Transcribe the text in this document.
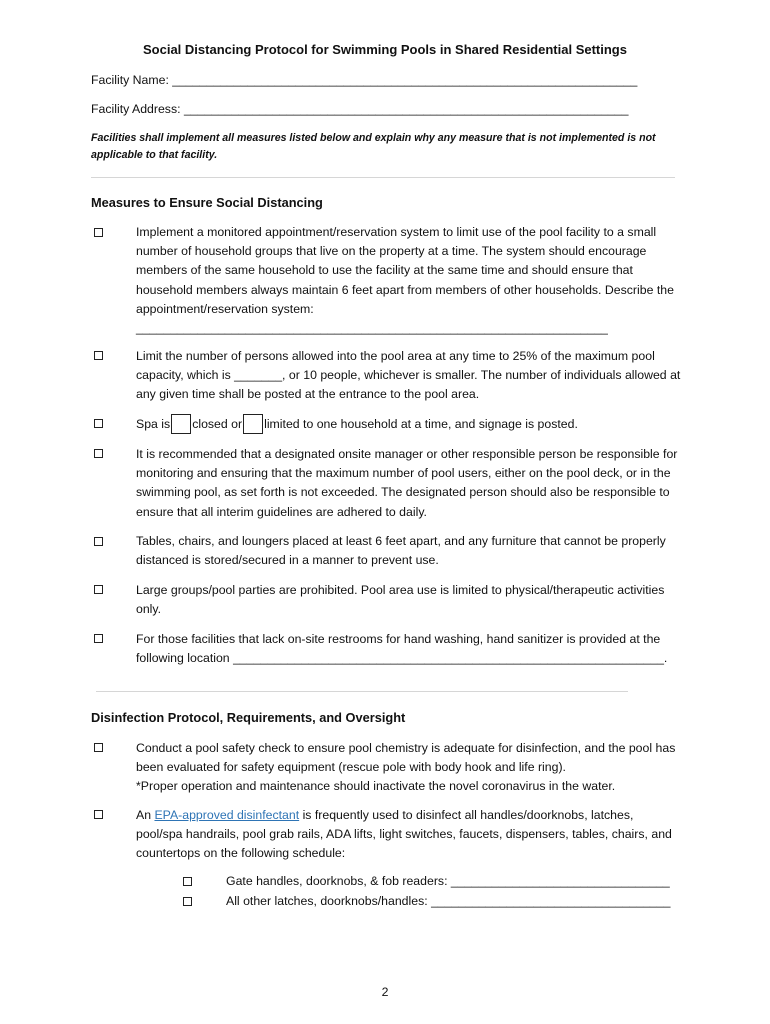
Social Distancing Protocol for Swimming Pools in Shared Residential Settings
Facility Name: ____________________________________________________________________
Facility Address: _________________________________________________________________
Facilities shall implement all measures listed below and explain why any measure that is not implemented is not applicable to that facility.
Measures to Ensure Social Distancing
Implement a monitored appointment/reservation system to limit use of the pool facility to a small number of household groups that live on the property at a time. The system should encourage members of the same household to use the facility at the same time and should ensure that household members always maintain 6 feet apart from members of other households. Describe the appointment/reservation system:
_____________________________________________________________________
Limit the number of persons allowed into the pool area at any time to 25% of the maximum pool capacity, which is _______, or 10 people, whichever is smaller. The number of individuals allowed at any given time shall be posted at the entrance to the pool area.
Spa is closed or limited to one household at a time, and signage is posted.
It is recommended that a designated onsite manager or other responsible person be responsible for monitoring and ensuring that the maximum number of pool users, either on the pool deck, or in the swimming pool, as set forth is not exceeded. The designated person should also be responsible to ensure that all interim guidelines are adhered to daily.
Tables, chairs, and loungers placed at least 6 feet apart, and any furniture that cannot be properly distanced is stored/secured in a manner to prevent use.
Large groups/pool parties are prohibited. Pool area use is limited to physical/therapeutic activities only.
For those facilities that lack on-site restrooms for hand washing, hand sanitizer is provided at the following location _______________________________________________________________.
Disinfection Protocol, Requirements, and Oversight
Conduct a pool safety check to ensure pool chemistry is adequate for disinfection, and the pool has been evaluated for safety equipment (rescue pole with body hook and life ring).
*Proper operation and maintenance should inactivate the novel coronavirus in the water.
An EPA-approved disinfectant is frequently used to disinfect all handles/doorknobs, latches, pool/spa handrails, pool grab rails, ADA lifts, light switches, faucets, dispensers, tables, chairs, and countertops on the following schedule:
Gate handles, doorknobs, & fob readers: ________________________________
All other latches, doorknobs/handles: ___________________________________
2
